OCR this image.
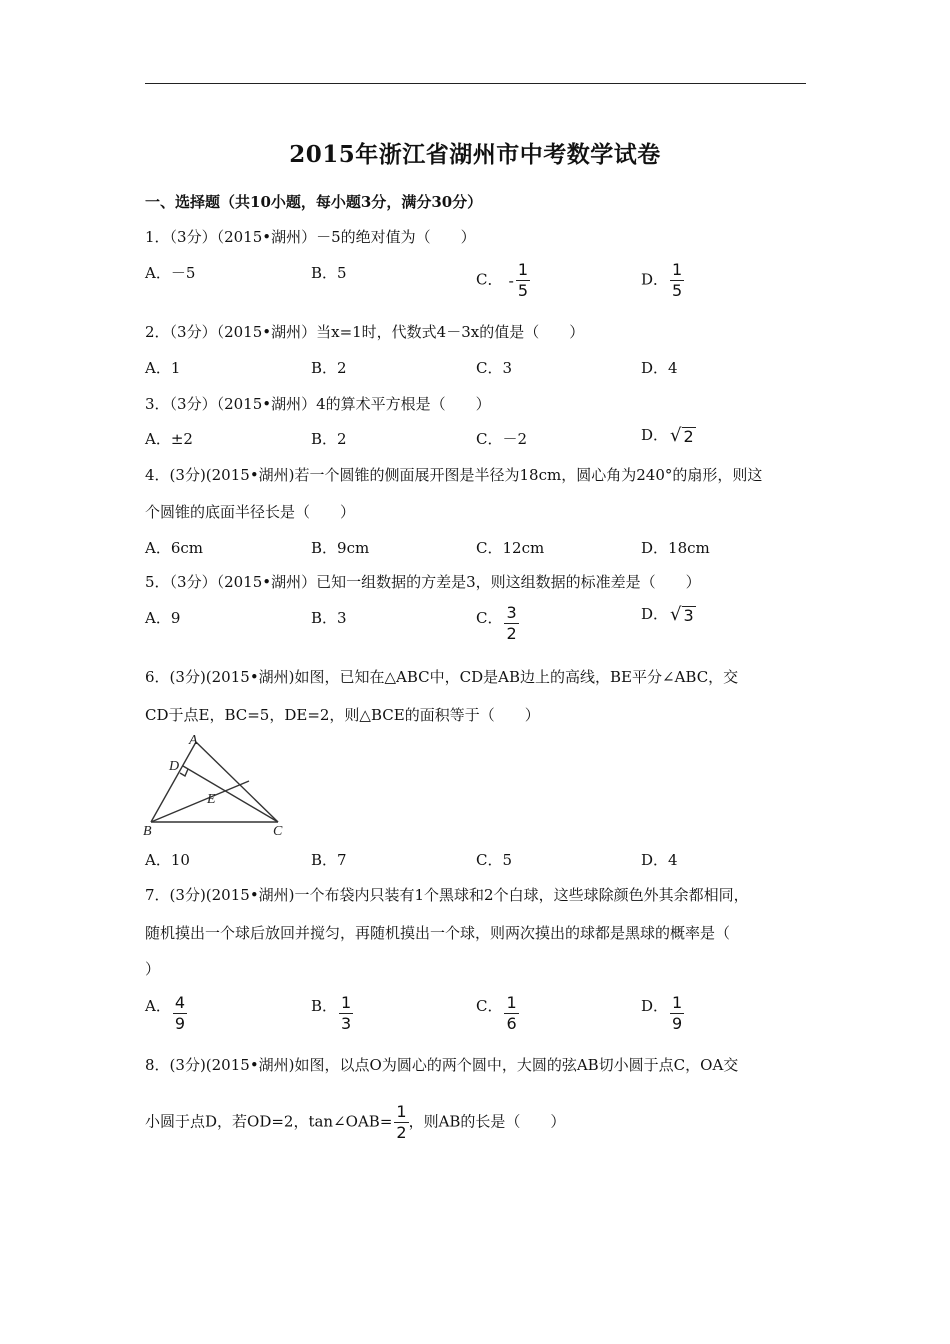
2015年浙江省湖州市中考数学试卷
一、选择题（共10小题，每小题3分，满分30分）
1．（3分）（2015•湖州）－5的绝对值为（　　）
A．－5	B．5	C． - $\frac{1}{5}$	D． $\frac{1}{5}$
2．（3分）（2015•湖州）当x=1时，代数式4－3x的值是（　　）
A．1	B．2	C．3	D．4
3．（3分）（2015•湖州）4的算术平方根是（　　）
A．±2	B．2	C．－2	D． √ 2
4．(3分)(2015•湖州)若一个圆锥的侧面展开图是半径为18cm，圆心角为240°的扇形，则这
个圆锥的底面半径长是（　　）
A．6cm	B．9cm	C．12cm	D．18cm
5．（3分）（2015•湖州）已知一组数据的方差是3，则这组数据的标准差是（　　）
A．9	B．3	C． $\frac{3}{2}$	D． √ 3
6．(3分)(2015•湖州)如图，已知在△ABC中，CD是AB边上的高线，BE平分∠ABC，交
CD于点E，BC=5，DE=2，则△BCE的面积等于（　　）
A
D
E
B	C
A．10	B．7	C．5	D．4
7．(3分)(2015•湖州)一个布袋内只装有1个黑球和2个白球，这些球除颜色外其余都相同，
随机摸出一个球后放回并搅匀，再随机摸出一个球，则两次摸出的球都是黑球的概率是（
）
A． $\frac{4}{9}$	B． $\frac{1}{3}$	C． $\frac{1}{6}$	D． $\frac{1}{9}$
8．(3分)(2015•湖州)如图，以点O为圆心的两个圆中，大圆的弦AB切小圆于点C，OA交
小圆于点D，若OD=2，tan∠OAB= $\frac{1}{2}$ ，则AB的长是（　　）
